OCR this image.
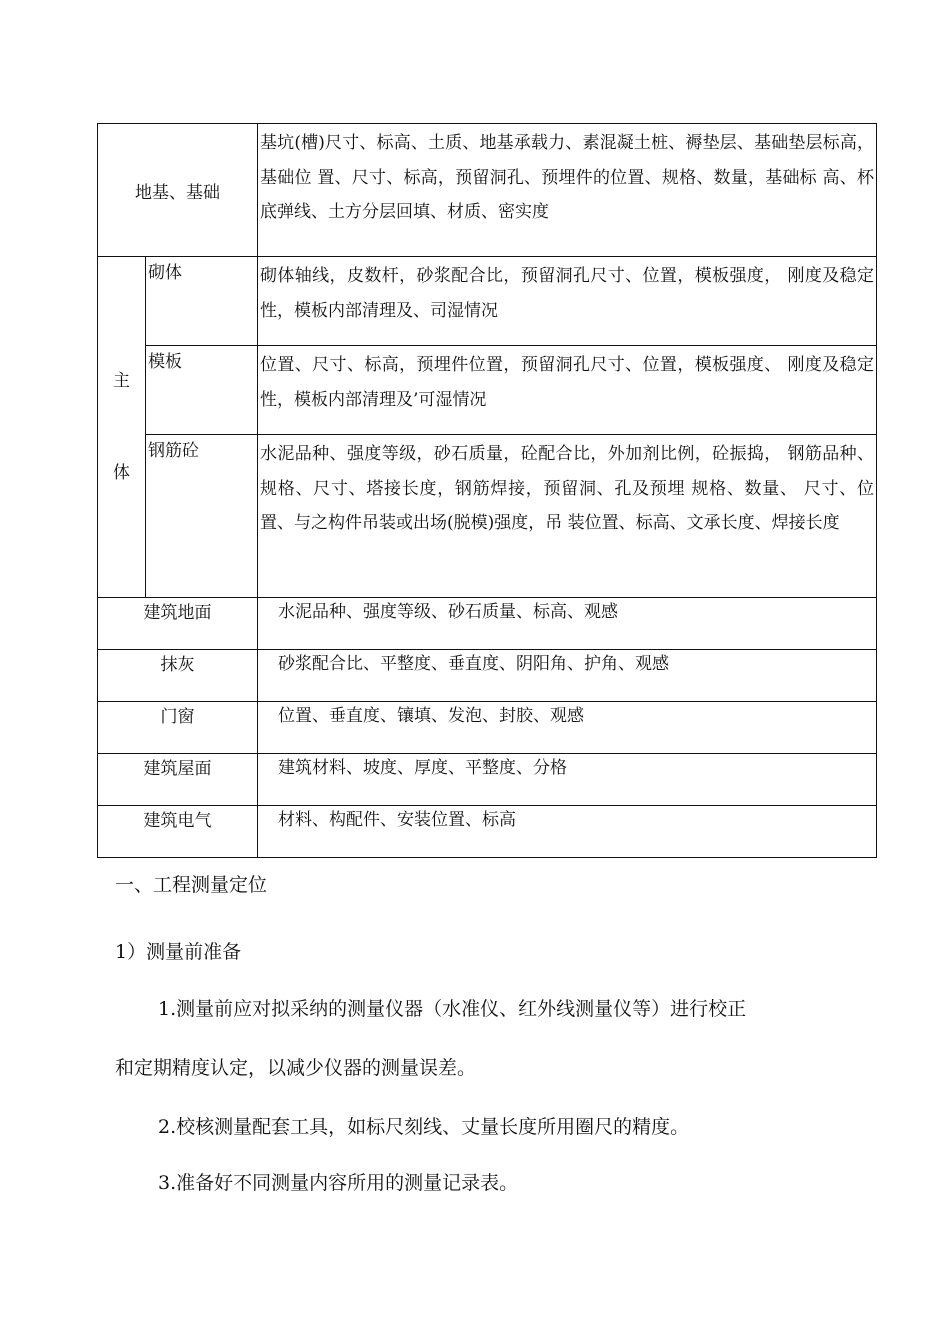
地基、基础		基坑(槽)尺寸、标高、土质、地基承载力、素混凝土桩、褥垫层、基础垫层标高，基础位 置、尺寸、标高，预留洞孔、预埋件的位置、规格、数量，基础标 高、杯底弹线、土方分层回填、材质、密实度

主
体	砌体	砌体轴线，皮数杆，砂浆配合比，预留洞孔尺寸、位置，模板强度， 刚度及稳定性，模板内部清理及、司湿情况
	模板	位置、尺寸、标高，预埋件位置，预留洞孔尺寸、位置，模板强度、 刚度及稳定性，模板内部清理及’可湿情况
	钢筋砼	水泥品种、强度等级，砂石质量，砼配合比，外加剂比例，砼振捣， 钢筋品种、规格、尺寸、塔接长度，钢筋焊接，预留洞、孔及预埋 规格、数量、 尺寸、位置、与之构件吊装或出场(脱模)强度，吊 装位置、标高、文承长度、焊接长度
建筑地面		水泥品种、强度等级、砂石质量、标高、观感
抹灰		砂浆配合比、平整度、垂直度、阴阳角、护角、观感
门窗		位置、垂直度、镶填、发泡、封胶、观感
建筑屋面		建筑材料、坡度、厚度、平整度、分格
建筑电气		材料、构配件、安装位置、标高
一、工程测量定位
1）测量前准备
1.测量前应对拟采纳的测量仪器（水准仪、红外线测量仪等）进行校正
和定期精度认定，以减少仪器的测量误差。
2.校核测量配套工具，如标尺刻线、丈量长度所用圈尺的精度。
3.准备好不同测量内容所用的测量记录表。
